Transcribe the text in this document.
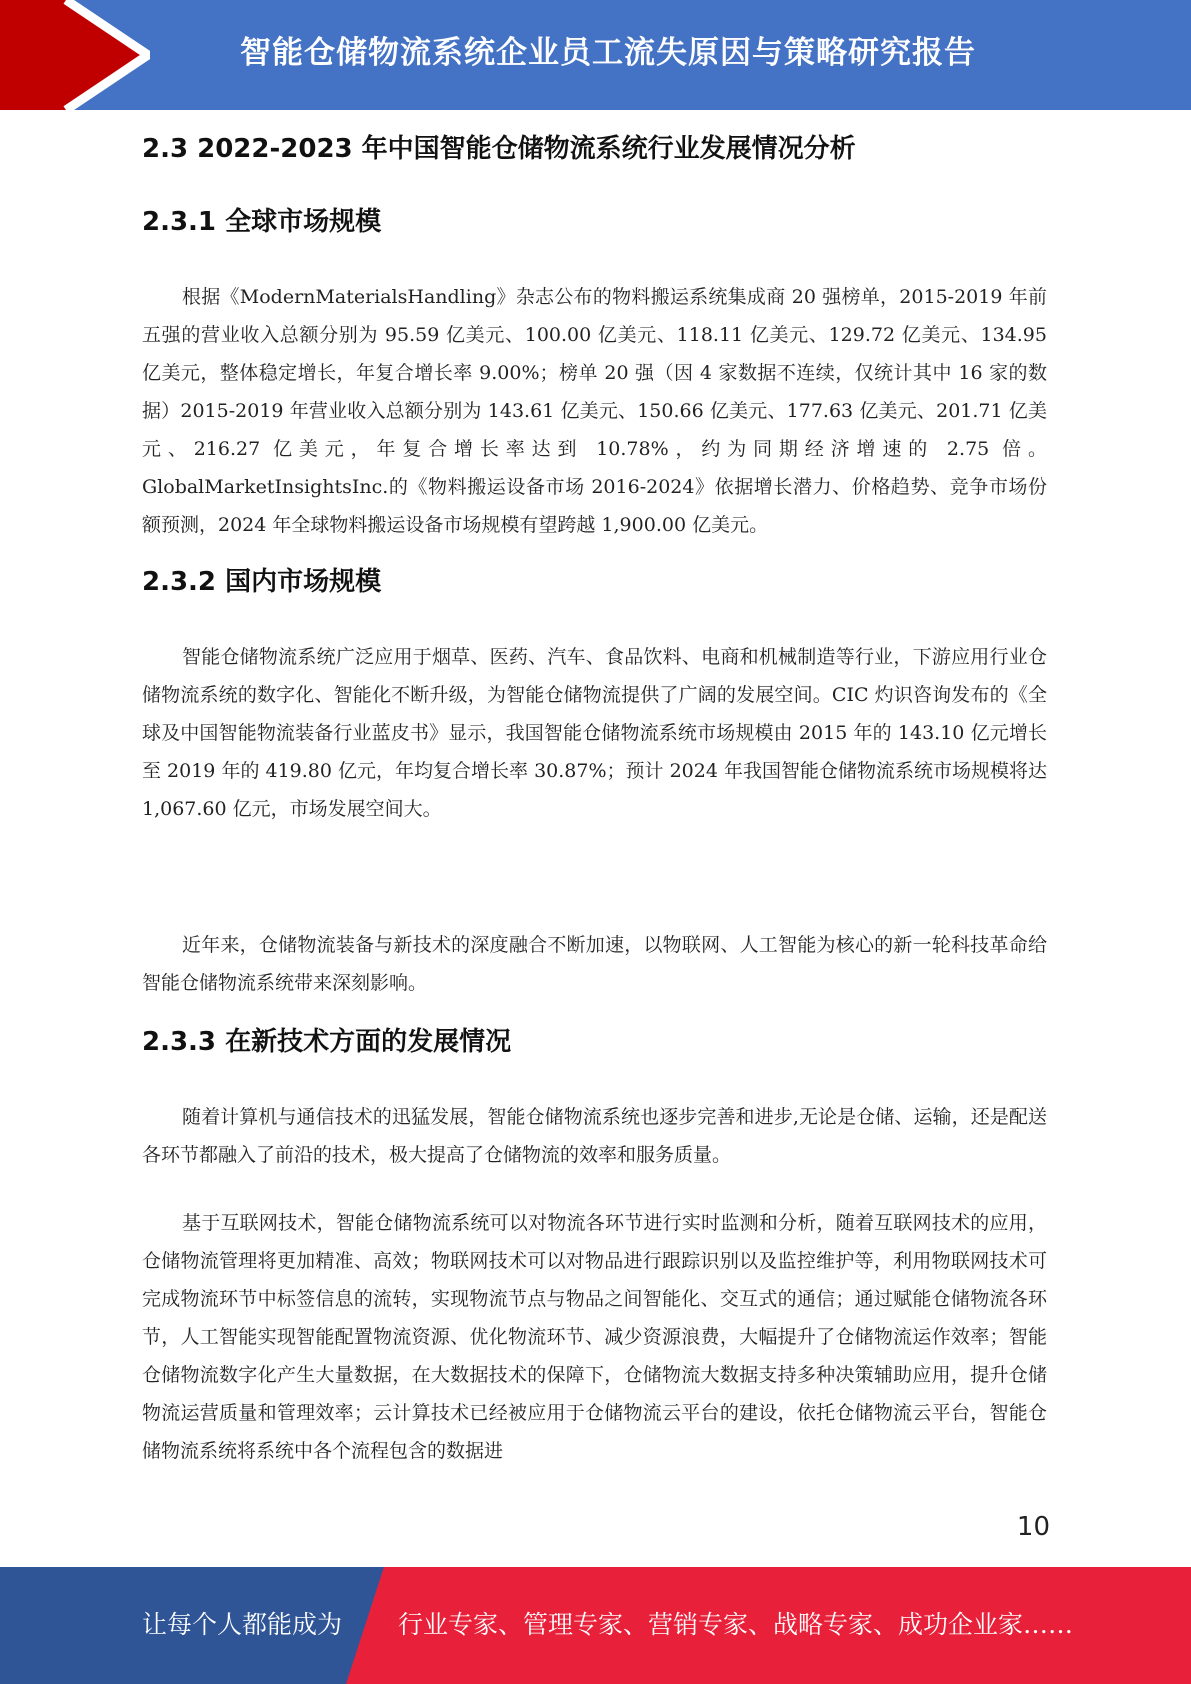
智能仓储物流系统企业员工流失原因与策略研究报告
2.3 2022-2023 年中国智能仓储物流系统行业发展情况分析
2.3.1 全球市场规模

根据《ModernMaterialsHandling》杂志公布的物料搬运系统集成商 20 强榜单，2015-2019 年前五强的营业收入总额分别为 95.59 亿美元、100.00 亿美元、118.11 亿美元、129.72 亿美元、134.95 亿美元，整体稳定增长，年复合增长率 9.00%；榜单 20 强（因 4 家数据不连续，仅统计其中 16 家的数据）2015-2019 年营业收入总额分别为 143.61 亿美元、150.66 亿美元、177.63 亿美元、201.71 亿美元、216.27 亿美元，年复合增长率达到 10.78%，约为同期经济增速的 2.75 倍。GlobalMarketInsightsInc.的《物料搬运设备市场 2016-2024》依据增长潜力、价格趋势、竞争市场份额预测，2024 年全球物料搬运设备市场规模有望跨越 1,900.00 亿美元。

2.3.2 国内市场规模

智能仓储物流系统广泛应用于烟草、医药、汽车、食品饮料、电商和机械制造等行业，下游应用行业仓储物流系统的数字化、智能化不断升级，为智能仓储物流提供了广阔的发展空间。CIC 灼识咨询发布的《全球及中国智能物流装备行业蓝皮书》显示，我国智能仓储物流系统市场规模由 2015 年的 143.10 亿元增长至 2019 年的 419.80 亿元，年均复合增长率 30.87%；预计 2024 年我国智能仓储物流系统市场规模将达 1,067.60 亿元，市场发展空间大。

近年来，仓储物流装备与新技术的深度融合不断加速，以物联网、人工智能为核心的新一轮科技革命给智能仓储物流系统带来深刻影响。

2.3.3 在新技术方面的发展情况

随着计算机与通信技术的迅猛发展，智能仓储物流系统也逐步完善和进步,无论是仓储、运输，还是配送各环节都融入了前沿的技术，极大提高了仓储物流的效率和服务质量。

基于互联网技术，智能仓储物流系统可以对物流各环节进行实时监测和分析，随着互联网技术的应用，仓储物流管理将更加精准、高效；物联网技术可以对物品进行跟踪识别以及监控维护等，利用物联网技术可完成物流环节中标签信息的流转，实现物流节点与物品之间智能化、交互式的通信；通过赋能仓储物流各环节，人工智能实现智能配置物流资源、优化物流环节、减少资源浪费，大幅提升了仓储物流运作效率；智能仓储物流数字化产生大量数据，在大数据技术的保障下，仓储物流大数据支持多种决策辅助应用，提升仓储物流运营质量和管理效率；云计算技术已经被应用于仓储物流云平台的建设，依托仓储物流云平台，智能仓储物流系统将系统中各个流程包含的数据进

10
让每个人都能成为 行业专家、管理专家、营销专家、战略专家、成功企业家……
